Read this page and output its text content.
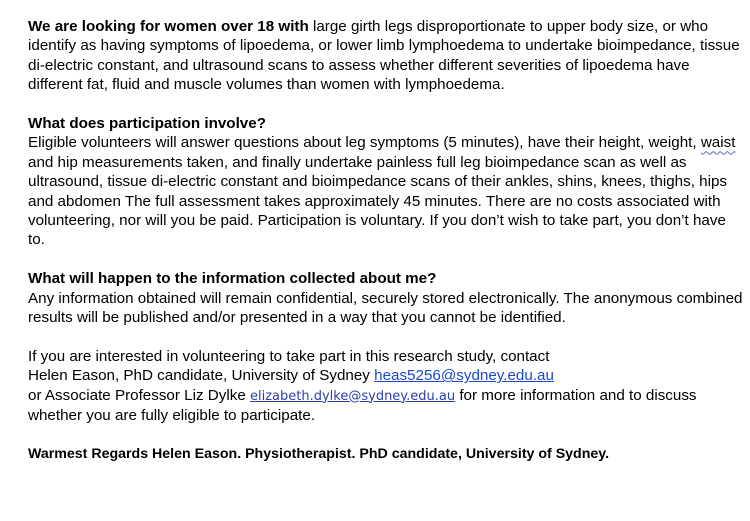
We are looking for women over 18 with large girth legs disproportionate to upper body size, or who identify as having symptoms of lipoedema, or lower limb lymphoedema to undertake bioimpedance, tissue di-electric constant, and ultrasound scans to assess whether different severities of lipoedema have different fat, fluid and muscle volumes than women with lymphoedema.

What does participation involve?
Eligible volunteers will answer questions about leg symptoms (5 minutes), have their height, weight, waist and hip measurements taken, and finally undertake painless full leg bioimpedance scan as well as ultrasound, tissue di-electric constant and bioimpedance scans of their ankles, shins, knees, thighs, hips and abdomen The full assessment takes approximately 45 minutes. There are no costs associated with volunteering, nor will you be paid. Participation is voluntary. If you don’t wish to take part, you don’t have to.

What will happen to the information collected about me?
Any information obtained will remain confidential, securely stored electronically. The anonymous combined results will be published and/or presented in a way that you cannot be identified.

If you are interested in volunteering to take part in this research study, contact
Helen Eason, PhD candidate, University of Sydney heas5256@sydney.edu.au
or Associate Professor Liz Dylke elizabeth.dylke@sydney.edu.au for more information and to discuss whether you are fully eligible to participate.

Warmest Regards Helen Eason. Physiotherapist. PhD candidate, University of Sydney.
